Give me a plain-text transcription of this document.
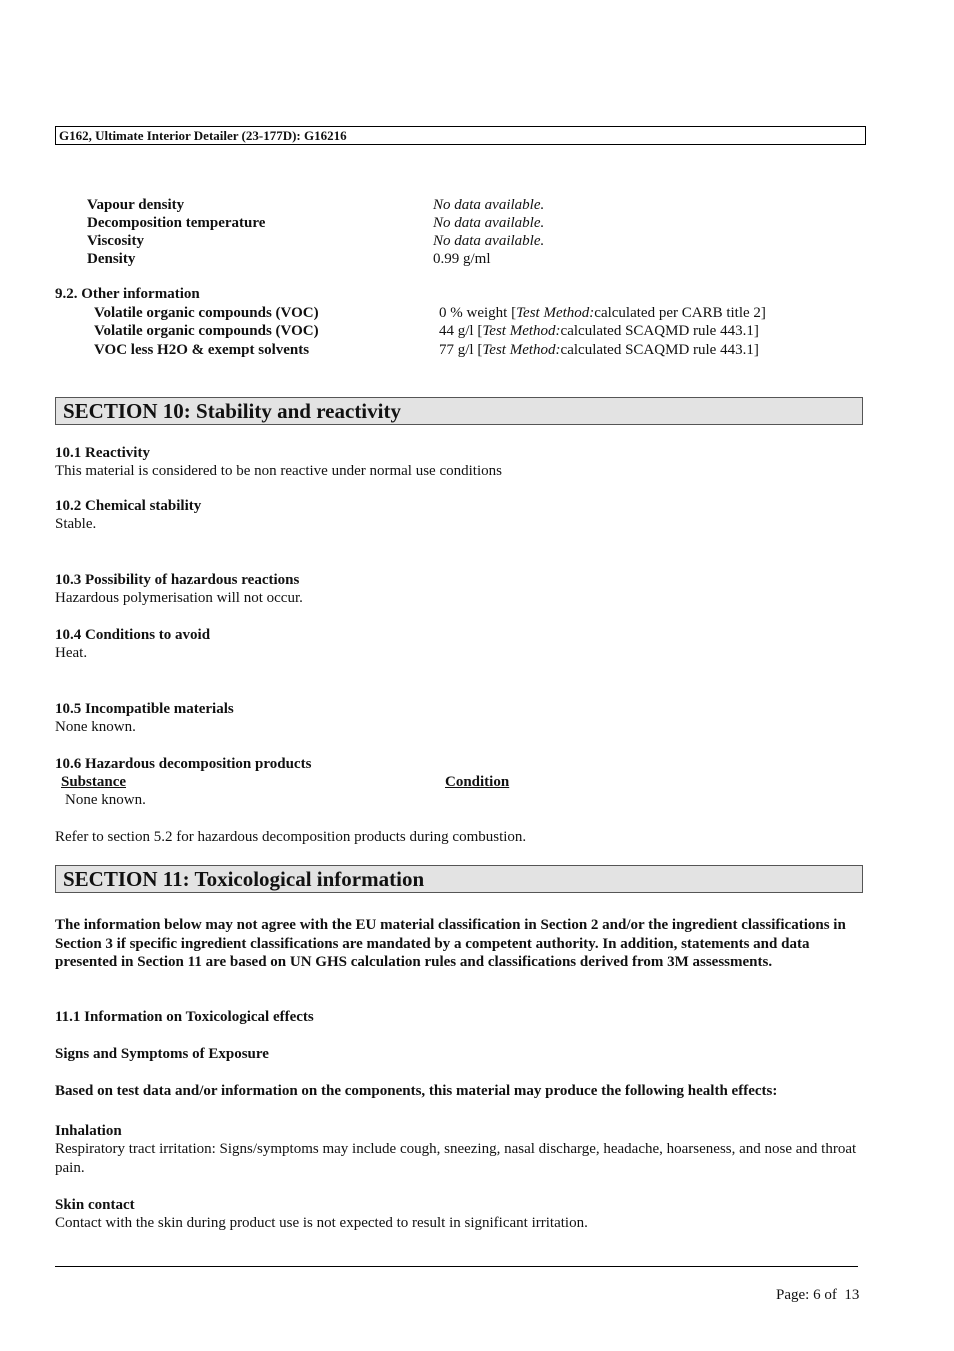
G162, Ultimate Interior Detailer (23-177D): G16216
Vapour density	No data available.
Decomposition temperature	No data available.
Viscosity	No data available.
Density	0.99 g/ml
9.2. Other information
Volatile organic compounds (VOC)	0 % weight [Test Method:calculated per CARB title 2]
Volatile organic compounds (VOC)	44 g/l [Test Method:calculated SCAQMD rule 443.1]
VOC less H2O & exempt solvents	77 g/l [Test Method:calculated SCAQMD rule 443.1]
SECTION 10: Stability and reactivity
10.1 Reactivity
This material is considered to be non reactive under normal use conditions
10.2 Chemical stability
Stable.
10.3 Possibility of hazardous reactions
Hazardous polymerisation will not occur.
10.4 Conditions to avoid
Heat.
10.5 Incompatible materials
None known.
10.6 Hazardous decomposition products
Substance	Condition
None known.
Refer to section 5.2 for hazardous decomposition products during combustion.
SECTION 11: Toxicological information
The information below may not agree with the EU material classification in Section 2 and/or the ingredient classifications in Section 3 if specific ingredient classifications are mandated by a competent authority. In addition, statements and data presented in Section 11 are based on UN GHS calculation rules and classifications derived from 3M assessments.
11.1 Information on Toxicological effects
Signs and Symptoms of Exposure
Based on test data and/or information on the components, this material may produce the following health effects:
Inhalation
Respiratory tract irritation: Signs/symptoms may include cough, sneezing, nasal discharge, headache, hoarseness, and nose and throat pain.
Skin contact
Contact with the skin during product use is not expected to result in significant irritation.
Page: 6 of  13
